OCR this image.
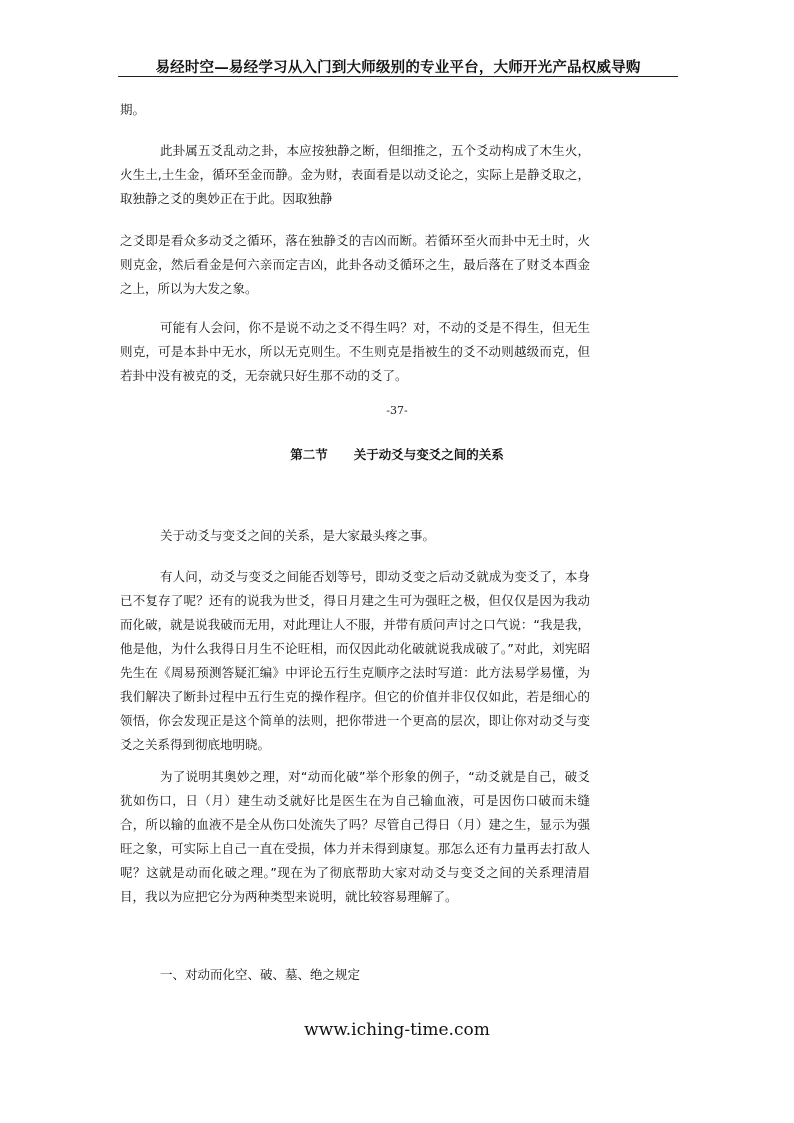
易经时空—易经学习从入门到大师级别的专业平台，大师开光产品权威导购

期。

此卦属五爻乱动之卦，本应按独静之断，但细推之，五个爻动构成了木生火，火生土,土生金，循环至金而静。金为财，表面看是以动爻论之，实际上是静爻取之，取独静之爻的奥妙正在于此。因取独静

之爻即是看众多动爻之循环，落在独静爻的吉凶而断。若循环至火而卦中无土时，火则克金，然后看金是何六亲而定吉凶，此卦各动爻循环之生，最后落在了财爻本酉金之上，所以为大发之象。

可能有人会问，你不是说不动之爻不得生吗？对，不动的爻是不得生，但无生则克，可是本卦中无水，所以无克则生。不生则克是指被生的爻不动则越级而克，但若卦中没有被克的爻，无奈就只好生那不动的爻了。

-37-
第二节      关于动爻与变爻之间的关系

关于动爻与变爻之间的关系，是大家最头疼之事。

有人问，动爻与变爻之间能否划等号，即动爻变之后动爻就成为变爻了，本身已不复存了呢？还有的说我为世爻，得日月建之生可为强旺之极，但仅仅是因为我动而化破，就是说我破而无用，对此理让人不服，并带有质问声讨之口气说：“我是我，他是他，为什么我得日月生不论旺相，而仅因此动化破就说我成破了。”对此，刘宪昭先生在《周易预测答疑汇编》中评论五行生克顺序之法时写道：此方法易学易懂，为我们解决了断卦过程中五行生克的操作程序。但它的价值并非仅仅如此，若是细心的领悟，你会发现正是这个简单的法则，把你带进一个更高的层次，即让你对动爻与变爻之关系得到彻底地明晓。

为了说明其奥妙之理，对“动而化破”举个形象的例子，“动爻就是自己，破爻犹如伤口，日（月）建生动爻就好比是医生在为自己输血液，可是因伤口破而未缝合，所以输的血液不是全从伤口处流失了吗？尽管自己得日（月）建之生，显示为强旺之象，可实际上自己一直在受损，体力并未得到康复。那怎么还有力量再去打敌人呢？这就是动而化破之理。”现在为了彻底帮助大家对动爻与变爻之间的关系理清眉目，我以为应把它分为两种类型来说明，就比较容易理解了。

一、对动而化空、破、墓、绝之规定
www.iching-time.com
